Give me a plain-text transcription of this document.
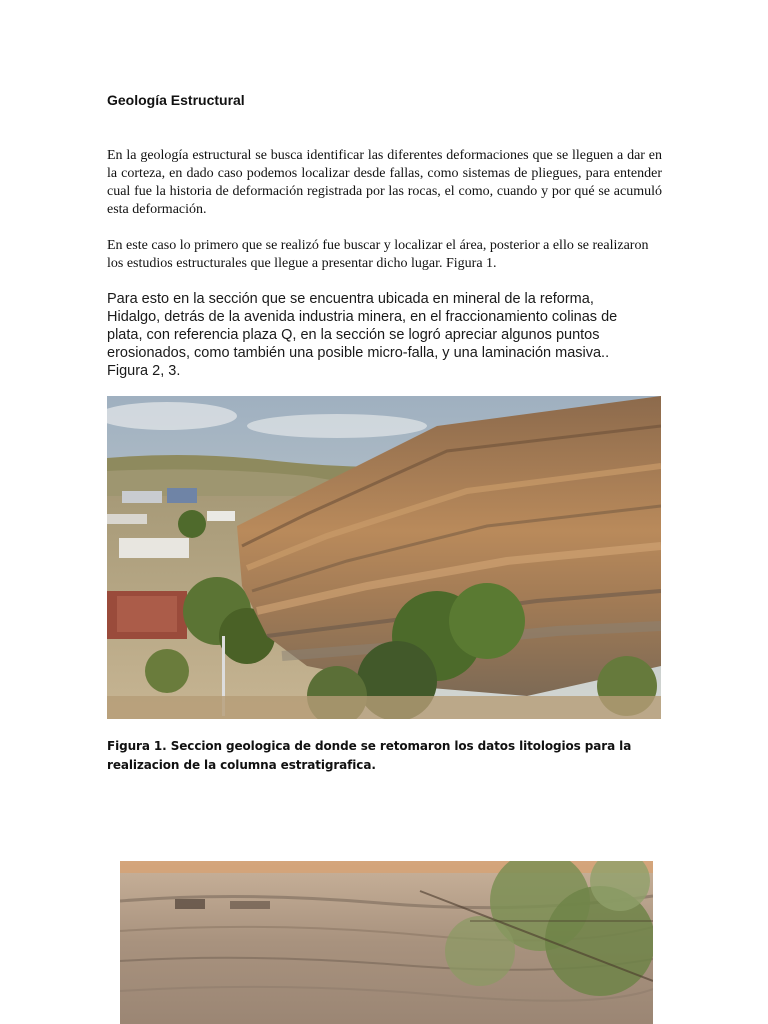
Geología Estructural

En la geología estructural se busca identificar las diferentes deformaciones que se lleguen a dar en la corteza, en dado caso podemos localizar desde fallas, como sistemas de pliegues, para entender cual fue la historia de deformación registrada por las rocas, el como, cuando y por qué se acumuló esta deformación.

En este caso lo primero que se realizó fue buscar y localizar el área, posterior a ello se realizaron los estudios estructurales que llegue a presentar dicho lugar. Figura 1.

Para esto en la sección que se encuentra ubicada en mineral de la reforma, Hidalgo, detrás de la avenida industria minera, en el fraccionamiento colinas de plata, con referencia plaza Q, en la sección se logró apreciar algunos puntos erosionados, como también una posible micro-falla, y una laminación masiva.. Figura 2, 3.

Figura 1. Seccion geologica de donde se retomaron los datos litologios para la realizacion de la columna estratigrafica.
